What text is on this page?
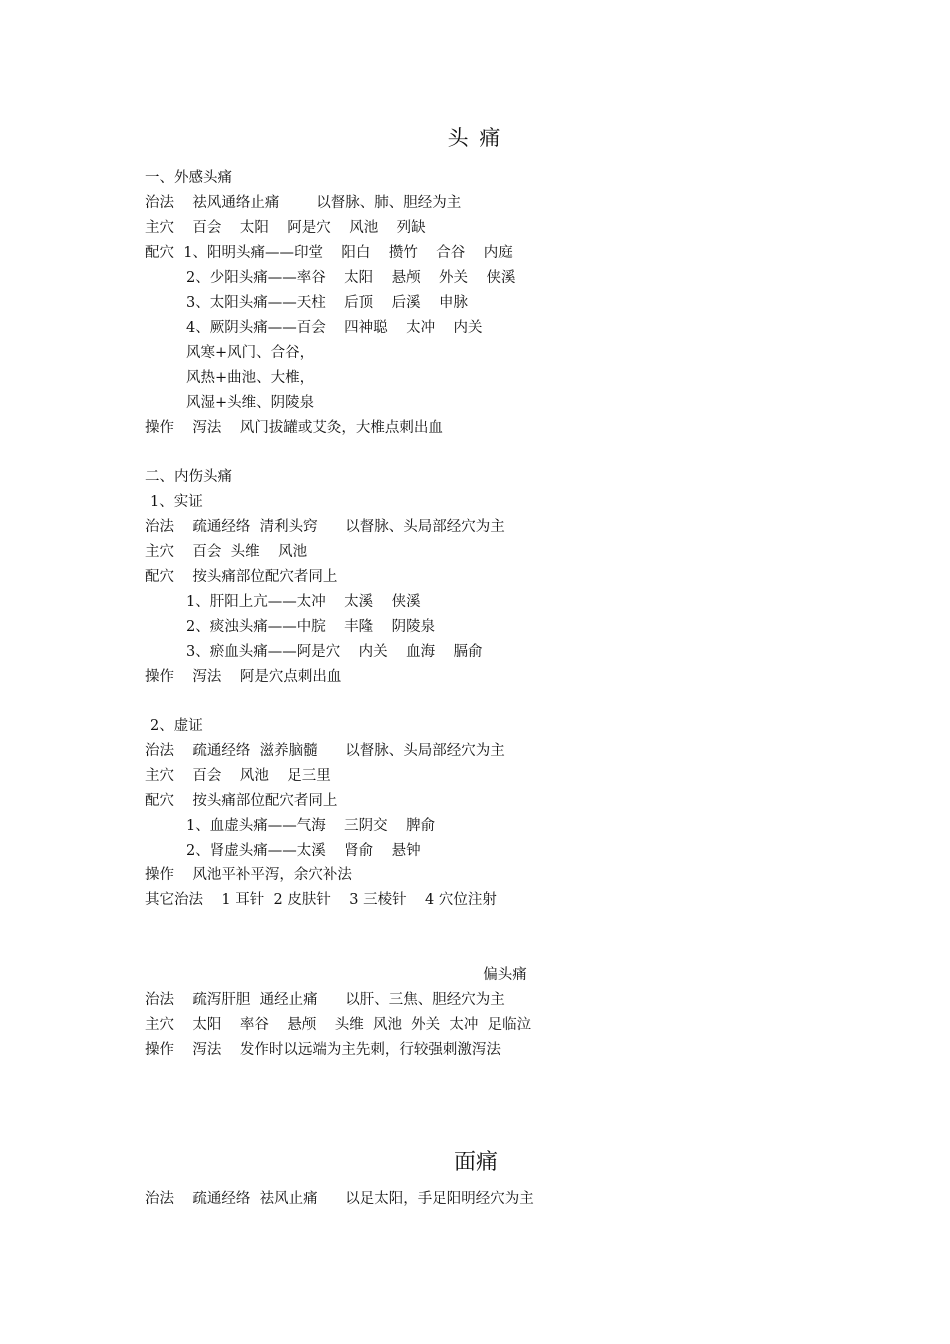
头 痛

一、外感头痛

治法    祛风通络止痛        以督脉、肺、胆经为主

主穴    百会    太阳    阿是穴    风池    列缺

配穴  1、阳明头痛——印堂    阳白    攒竹    合谷    内庭

2、少阳头痛——率谷    太阳    悬颅    外关    侠溪

3、太阳头痛——天柱    后顶    后溪    申脉

4、厥阴头痛——百会    四神聪    太冲    内关

风寒+风门、合谷，

风热+曲池、大椎，

风湿+头维、阴陵泉

操作    泻法    风门拔罐或艾灸，大椎点刺出血

二、内伤头痛

1、实证

治法    疏通经络  清利头窍      以督脉、头局部经穴为主

主穴    百会  头维    风池

配穴    按头痛部位配穴者同上

1、肝阳上亢——太冲    太溪    侠溪

2、痰浊头痛——中脘    丰隆    阴陵泉

3、瘀血头痛——阿是穴    内关    血海    膈俞

操作    泻法    阿是穴点刺出血

2、虚证

治法    疏通经络  滋养脑髓      以督脉、头局部经穴为主

主穴    百会    风池    足三里

配穴    按头痛部位配穴者同上

1、血虚头痛——气海    三阴交    脾俞

2、肾虚头痛——太溪    肾俞    悬钟

操作    风池平补平泻，余穴补法

其它治法    1 耳针  2 皮肤针    3 三棱针    4 穴位注射

偏头痛

治法    疏泻肝胆  通经止痛      以肝、三焦、胆经穴为主

主穴    太阳    率谷    悬颅    头维  风池  外关  太冲  足临泣

操作    泻法    发作时以远端为主先刺，行较强刺激泻法

面痛

治法    疏通经络  祛风止痛      以足太阳，手足阳明经穴为主
